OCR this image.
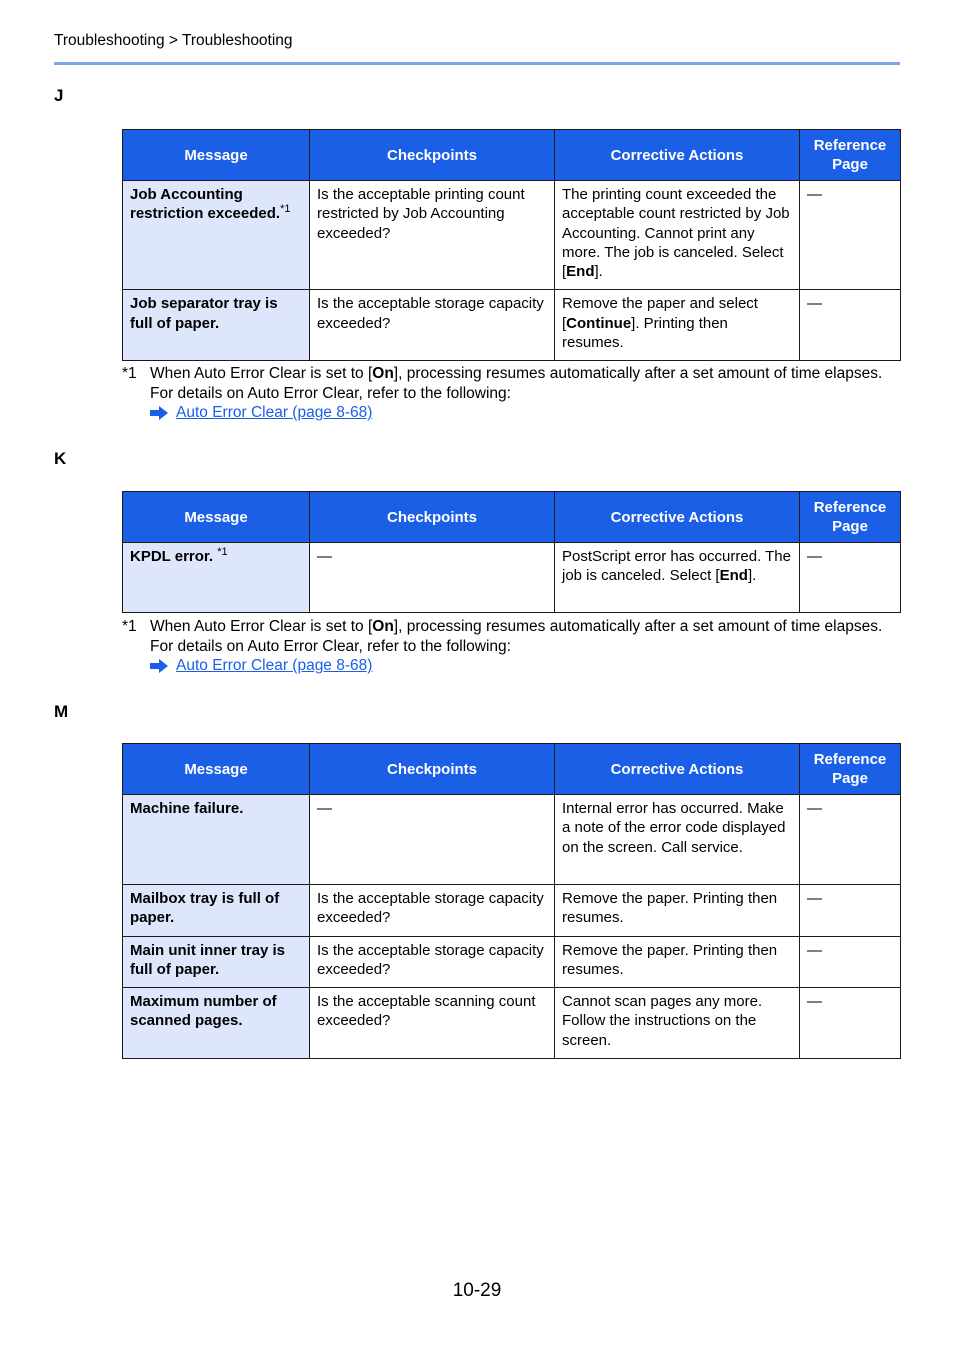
Troubleshooting > Troubleshooting
J
Message	Checkpoints	Corrective Actions	Reference
Page
Job Accounting restriction exceeded.$^{*1}$	Is the acceptable printing count restricted by Job Accounting exceeded?	The printing count exceeded the acceptable count restricted by Job Accounting. Cannot print any more. The job is canceled. Select [End].	—
Job separator tray is full of paper.	Is the acceptable storage capacity exceeded?	Remove the paper and select [Continue]. Printing then resumes.	—
*1 When Auto Error Clear is set to [On], processing resumes automatically after a set amount of time elapses. For details on Auto Error Clear, refer to the following:
Auto Error Clear (page 8-68)
K
Message	Checkpoints	Corrective Actions	Reference
Page
KPDL error. $^{*1}$	—	PostScript error has occurred. The job is canceled. Select [End].	—
*1 When Auto Error Clear is set to [On], processing resumes automatically after a set amount of time elapses. For details on Auto Error Clear, refer to the following:
Auto Error Clear (page 8-68)
M
Message	Checkpoints	Corrective Actions	Reference
Page
Machine failure.	—	Internal error has occurred. Make a note of the error code displayed on the screen. Call service.	—
Mailbox tray is full of paper.	Is the acceptable storage capacity exceeded?	Remove the paper. Printing then resumes.	—
Main unit inner tray is full of paper.	Is the acceptable storage capacity exceeded?	Remove the paper. Printing then resumes.	—
Maximum number of scanned pages.	Is the acceptable scanning count exceeded?	Cannot scan pages any more. Follow the instructions on the screen.	—
10-29
